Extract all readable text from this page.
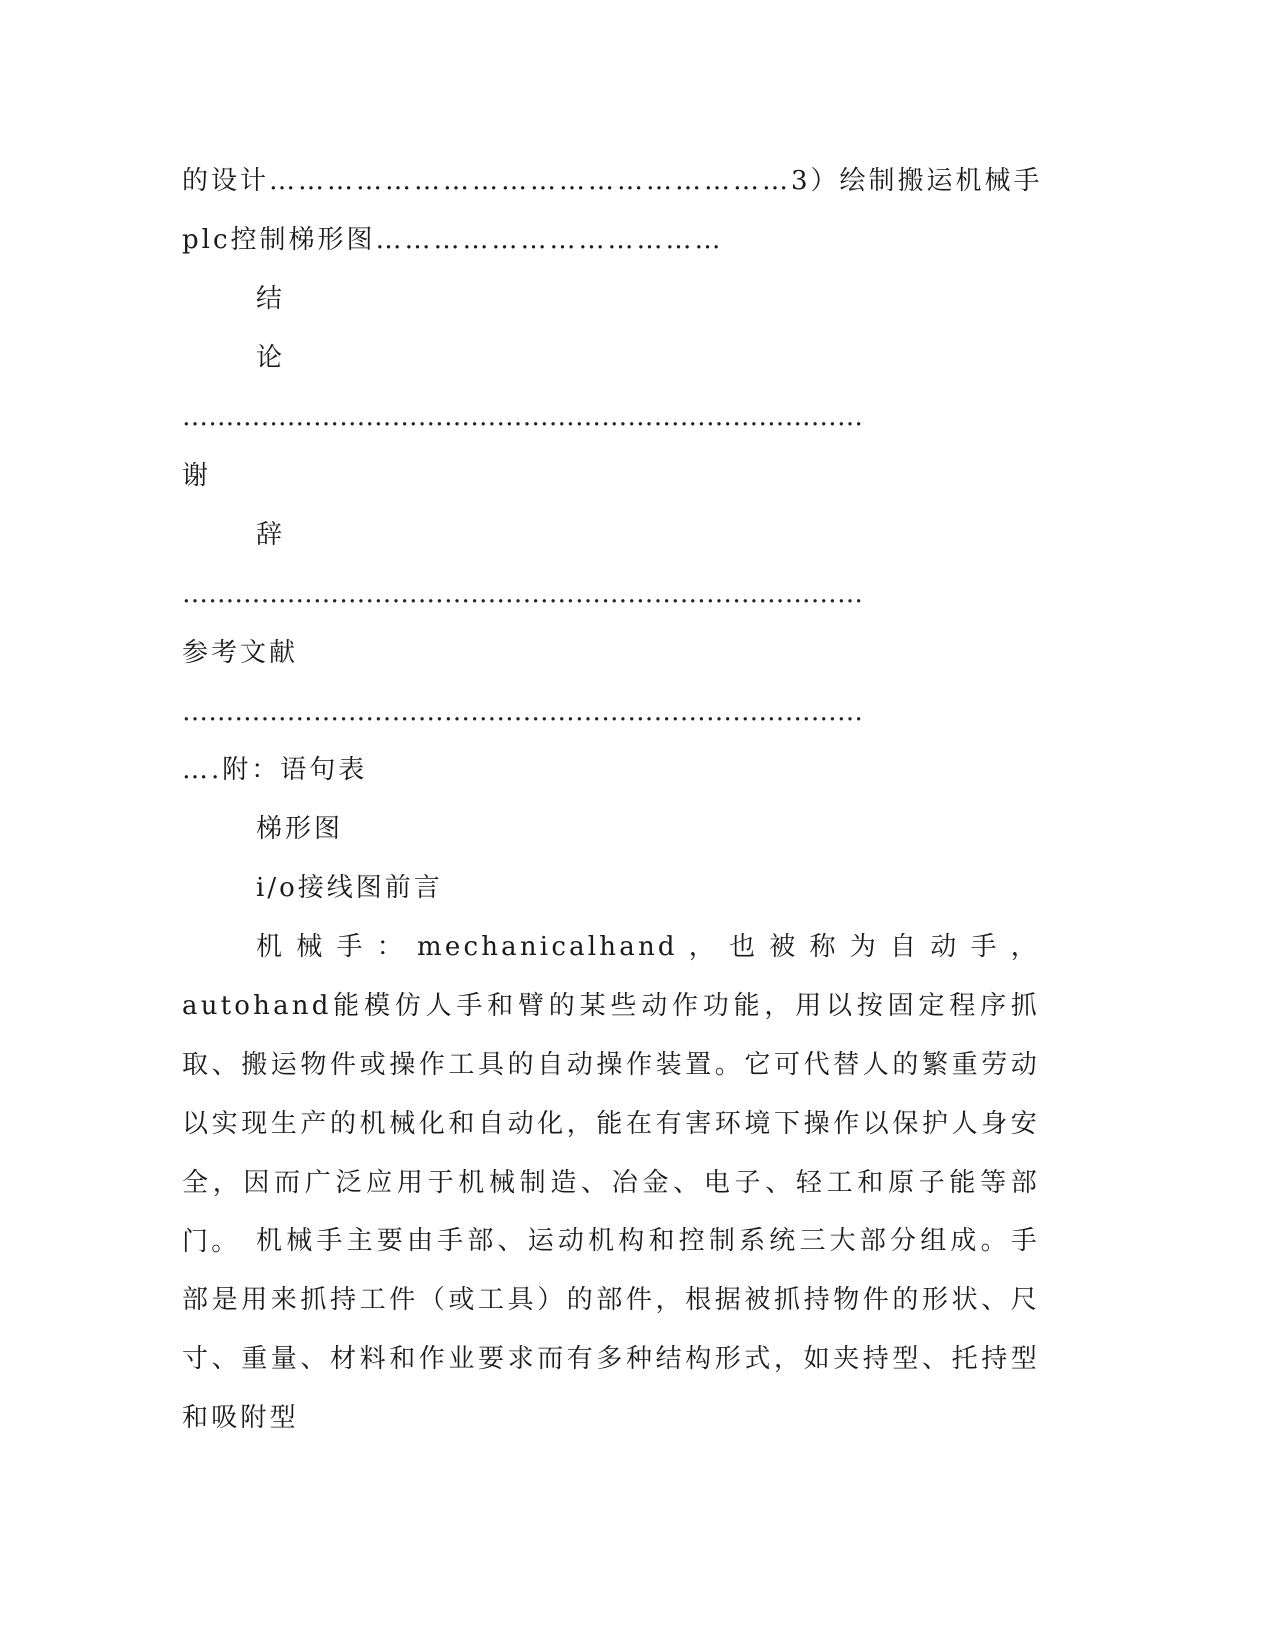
的设计………………………………………………3）绘制搬运机械手
plc控制梯形图………………………………
结
论
……………………………………………………………………
谢
辞
……………………………………………………………………
参考文献
……………………………………………………………………
….附：语句表
梯形图
i/o接线图前言
机械手：mechanicalhand，也被称为自动手，autohand能模仿人手和臂的某些动作功能，用以按固定程序抓取、搬运物件或操作工具的自动操作装置。它可代替人的繁重劳动以实现生产的机械化和自动化，能在有害环境下操作以保护人身安全，因而广泛应用于机械制造、冶金、电子、轻工和原子能等部门。 机械手主要由手部、运动机构和控制系统三大部分组成。手部是用来抓持工件（或工具）的部件，根据被抓持物件的形状、尺寸、重量、材料和作业要求而有多种结构形式，如夹持型、托持型和吸附型
